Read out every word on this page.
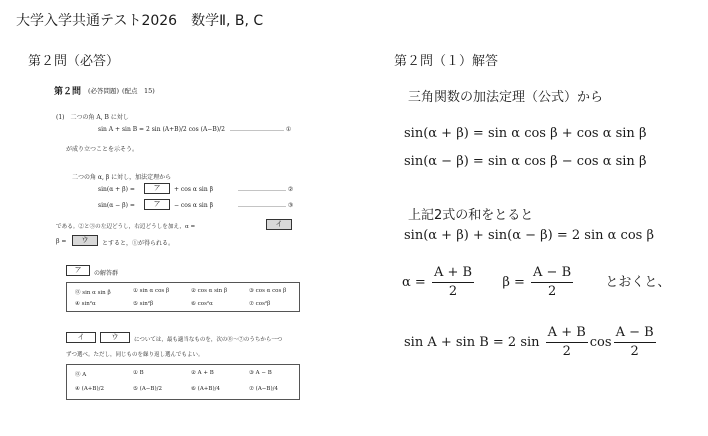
大学入学共通テスト2026　数学Ⅱ, B, C
第２問（必答）	第２問（１）解答
第２問 (必答問題) (配点　15)
(1)　二つの角 A, B に対し
sin A + sin B = 2 sin (A+B)/2 cos (A−B)/2 ……………………… ①
が成り立つことを示そう。
二つの角 α, β に対し，加法定理から
sin(α + β) =	ア	+ cos α sin β	…………………… ②
sin(α − β) =	ア	− cos α sin β	…………………… ③
である。②と③の左辺どうし，右辺どうしを加え，α =	イ
β =	ウ	とすると，①が得られる。
ア	の解答群
⓪ sin α sin β	① sin α cos β	② cos α sin β	③ cos α cos β
④ sin²α	⑤ sin²β	⑥ cos²α	⑦ cos²β
イ	ウ	については，最も適当なものを，次の⓪〜⑦のうちから一つ
ずつ選べ。ただし，同じものを繰り返し選んでもよい。
⓪ A	① B	② A + B	③ A − B
④ (A+B)/2	⑤ (A−B)/2	⑥ (A+B)/4	⑦ (A−B)/4
三角関数の加法定理（公式）から
sin(α + β) = sin α cos β + cos α sin β
sin(α − β) = sin α cos β − cos α sin β
上記2式の和をとると
sin(α + β) + sin(α − β) = 2 sin α cos β
$\alpha = \frac{A + B}{2}$ $\beta = \frac{A - B}{2}$ とおくと、
sin A + sin B = 2 $\sin \frac{A + B}{2}$ $\cos \frac{A - B}{2}$
